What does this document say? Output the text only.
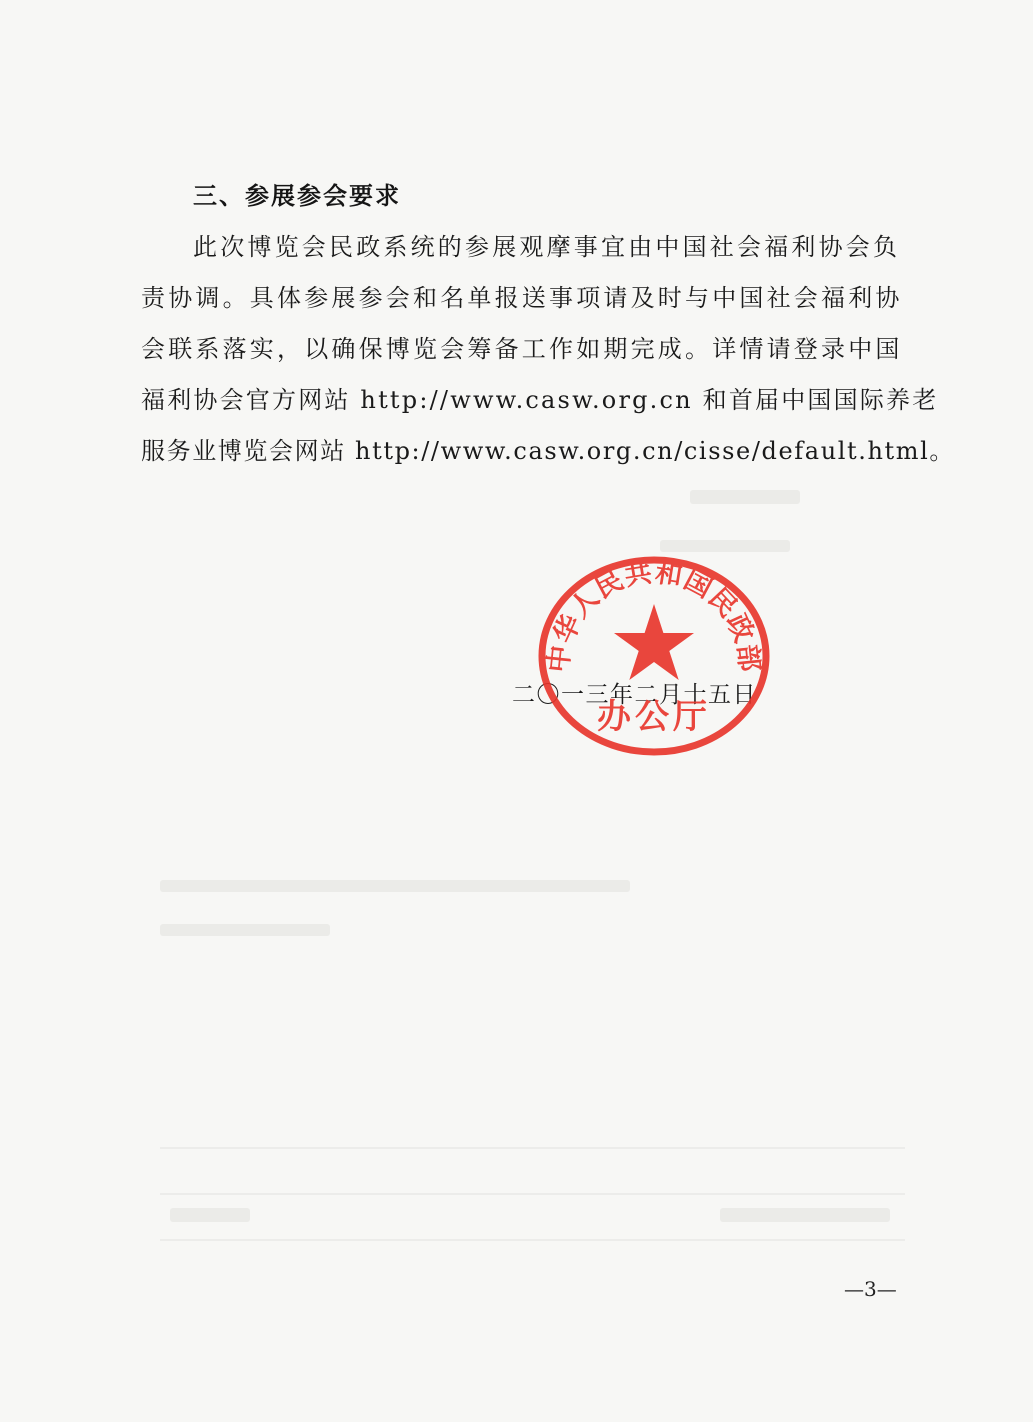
三、参展参会要求
此次博览会民政系统的参展观摩事宜由中国社会福利协会负
责协调。具体参展参会和名单报送事项请及时与中国社会福利协
会联系落实，以确保博览会筹备工作如期完成。详情请登录中国
福利协会官方网站 http://www.casw.org.cn 和首届中国国际养老
服务业博览会网站 http://www.casw.org.cn/cisse/default.html。
二〇一三年二月十五日
中华人民共和国民政部
办公厅
—3—
